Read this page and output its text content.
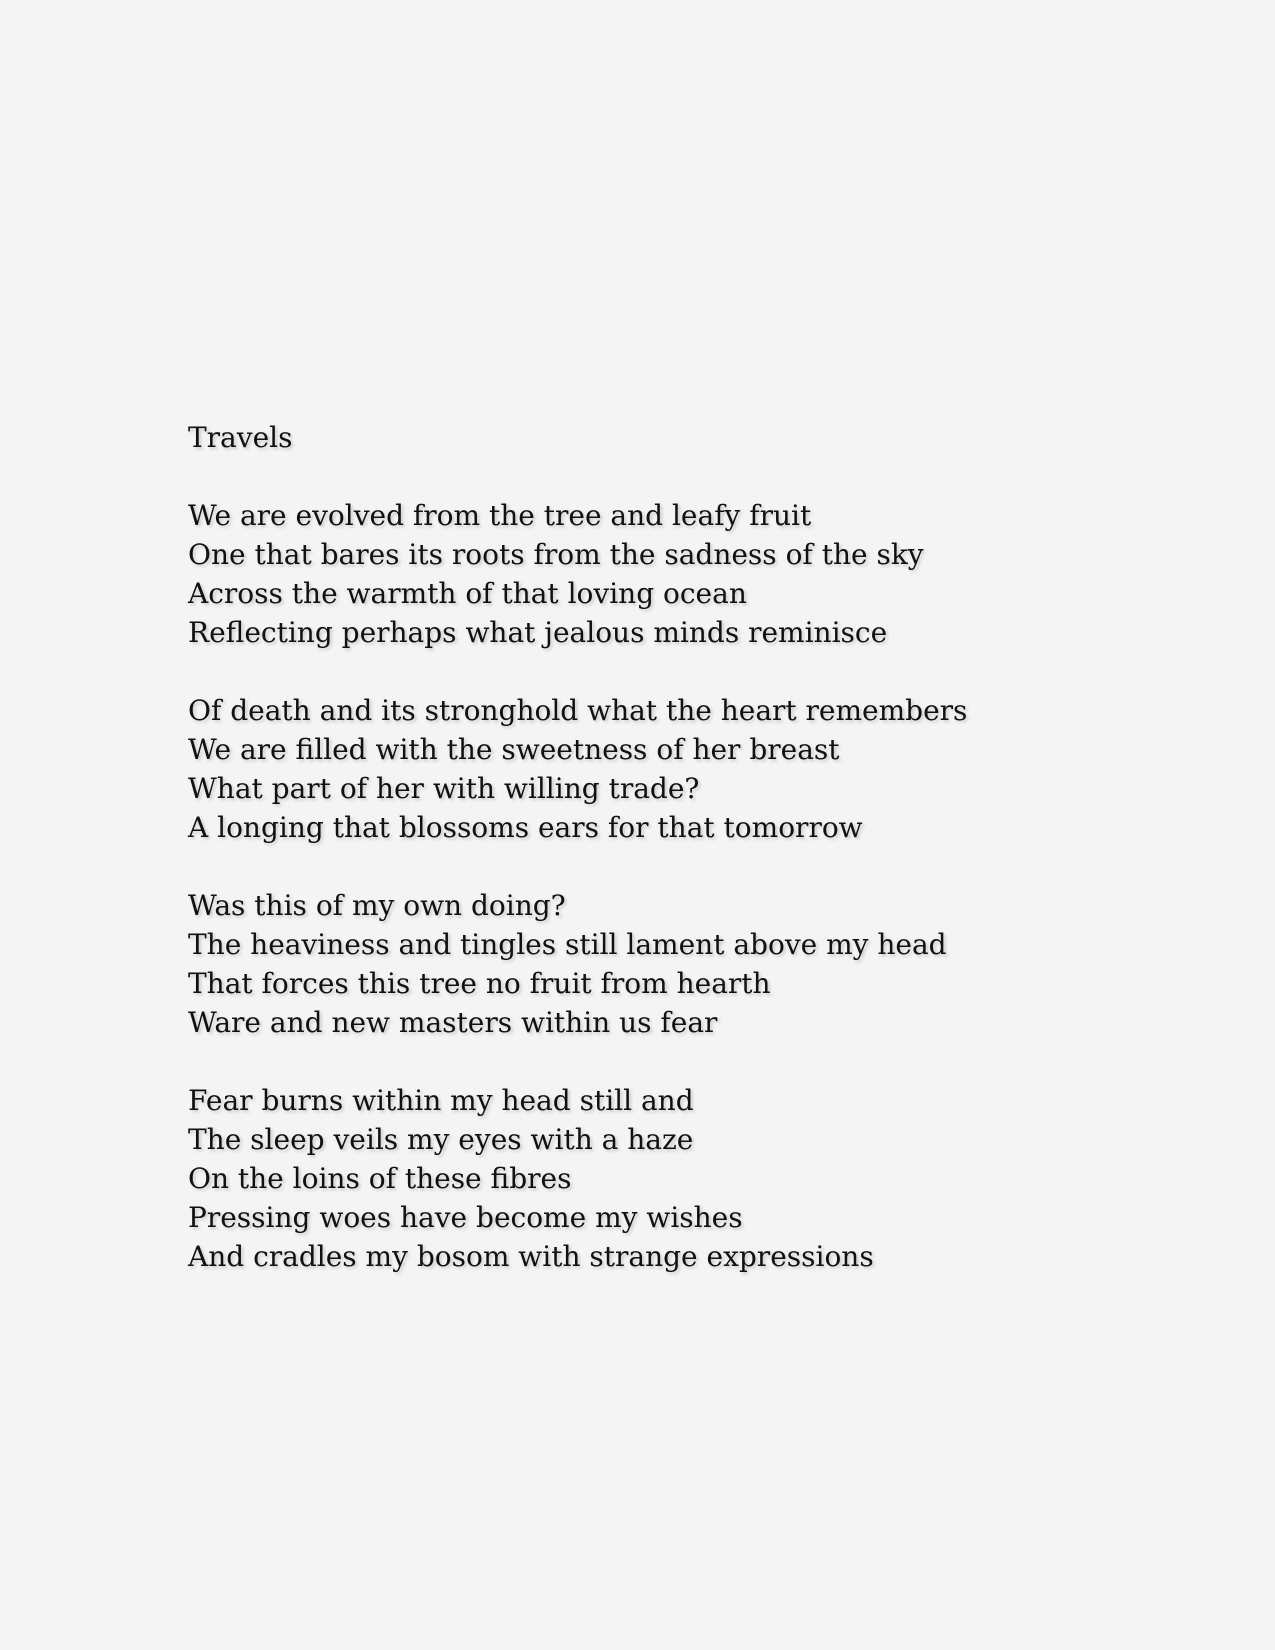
Travels
We are evolved from the tree and leafy fruit
One that bares its roots from the sadness of the sky
Across the warmth of that loving ocean
Reflecting perhaps what jealous minds reminisce
Of death and its stronghold what the heart remembers
We are filled with the sweetness of her breast
What part of her with willing trade?
A longing that blossoms ears for that tomorrow
Was this of my own doing?
The heaviness and tingles still lament above my head
That forces this tree no fruit from hearth
Ware and new masters within us fear
Fear burns within my head still and
The sleep veils my eyes with a haze
On the loins of these fibres
Pressing woes have become my wishes
And cradles my bosom with strange expressions
